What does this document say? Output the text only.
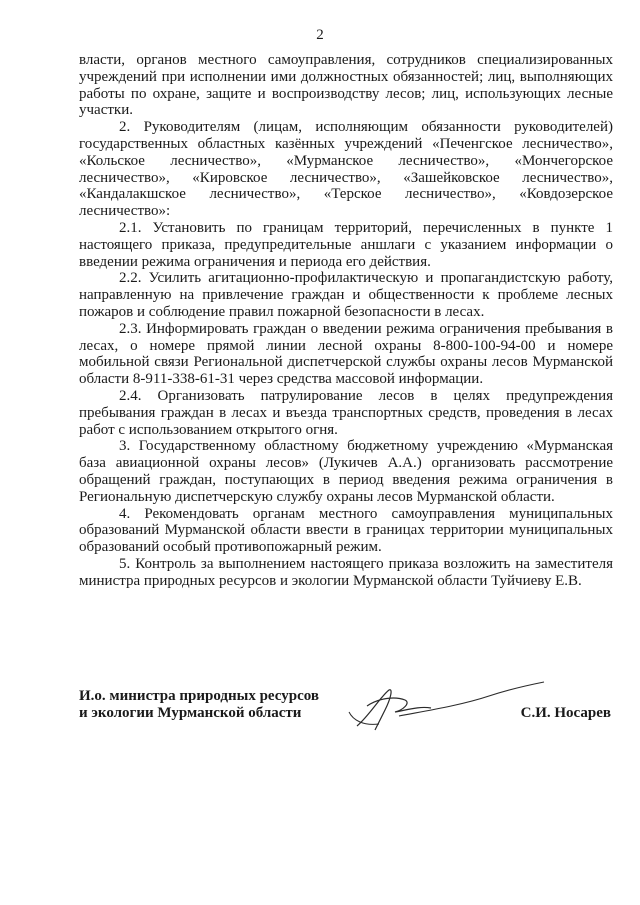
2

власти, органов местного самоуправления, сотрудников специализированных учреждений при исполнении ими должностных обязанностей; лиц, выполняющих работы по охране, защите и воспроизводству лесов; лиц, использующих лесные участки.

2. Руководителям (лицам, исполняющим обязанности руководителей) государственных областных казённых учреждений «Печенгское лесничество», «Кольское лесничество», «Мурманское лесничество», «Мончегорское лесничество», «Кировское лесничество», «Зашейковское лесничество», «Кандалакшское лесничество», «Терское лесничество», «Ковдозерское лесничество»:

2.1. Установить по границам территорий, перечисленных в пункте 1 настоящего приказа, предупредительные аншлаги с указанием информации о введении режима ограничения и периода его действия.

2.2. Усилить агитационно-профилактическую и пропагандистскую работу, направленную на привлечение граждан и общественности к проблеме лесных пожаров и соблюдение правил пожарной безопасности в лесах.

2.3. Информировать граждан о введении режима ограничения пребывания в лесах, о номере прямой линии лесной охраны 8-800-100-94-00 и номере мобильной связи Региональной диспетчерской службы охраны лесов Мурманской области 8-911-338-61-31 через средства массовой информации.

2.4. Организовать патрулирование лесов в целях предупреждения пребывания граждан в лесах и въезда транспортных средств, проведения в лесах работ с использованием открытого огня.

3. Государственному областному бюджетному учреждению «Мурманская база авиационной охраны лесов» (Лукичев А.А.) организовать рассмотрение обращений граждан, поступающих в период введения режима ограничения в Региональную диспетчерскую службу охраны лесов Мурманской области.

4. Рекомендовать органам местного самоуправления муниципальных образований Мурманской области ввести в границах территории муниципальных образований особый противопожарный режим.

5. Контроль за выполнением настоящего приказа возложить на заместителя министра природных ресурсов и экологии Мурманской области Туйчиеву Е.В.

И.о. министра природных ресурсов
и экологии Мурманской области	С.И. Носарев
